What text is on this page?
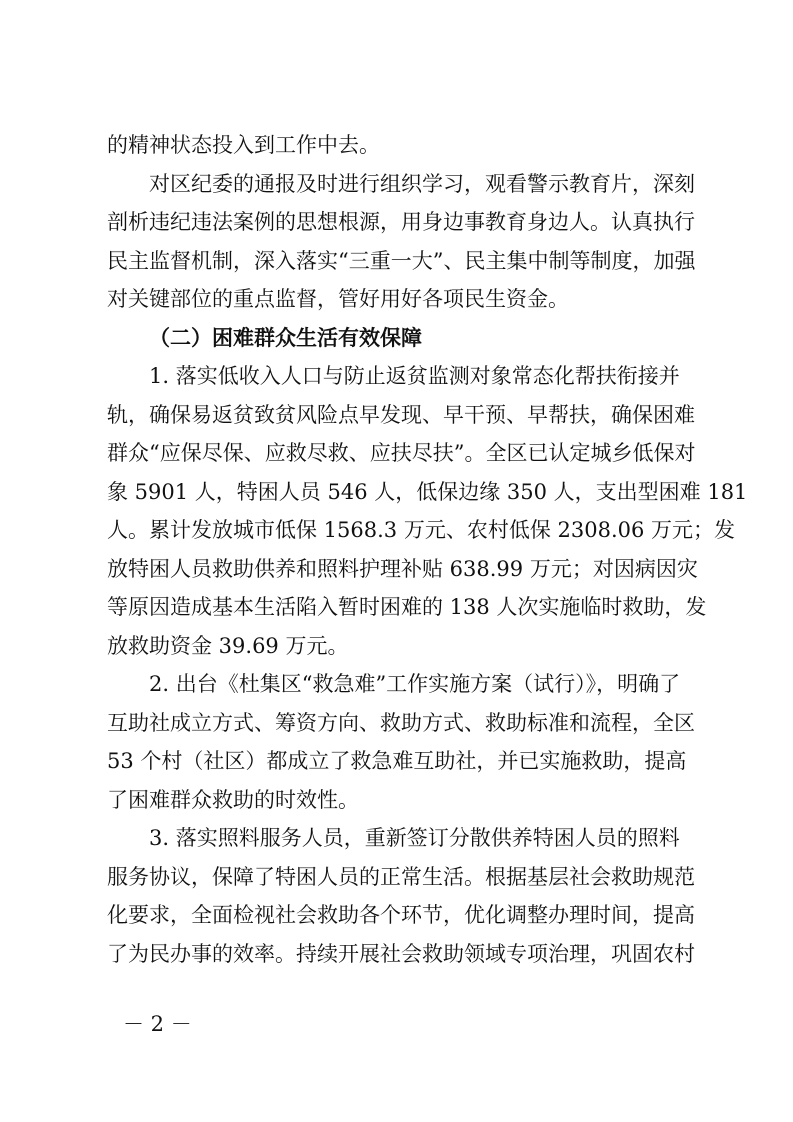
的精神状态投入到工作中去。
对区纪委的通报及时进行组织学习，观看警示教育片，深刻
剖析违纪违法案例的思想根源，用身边事教育身边人。认真执行
民主监督机制，深入落实“三重一大”、民主集中制等制度，加强
对关键部位的重点监督，管好用好各项民生资金。
（二）困难群众生活有效保障
1. 落实低收入人口与防止返贫监测对象常态化帮扶衔接并
轨，确保易返贫致贫风险点早发现、早干预、早帮扶，确保困难
群众“应保尽保、应救尽救、应扶尽扶”。全区已认定城乡低保对
象 5901 人，特困人员 546 人，低保边缘 350 人，支出型困难 181
人。累计发放城市低保 1568.3 万元、农村低保 2308.06 万元；发
放特困人员救助供养和照料护理补贴 638.99 万元；对因病因灾
等原因造成基本生活陷入暂时困难的 138 人次实施临时救助，发
放救助资金 39.69 万元。
2. 出台《杜集区“救急难”工作实施方案（试行）》，明确了
互助社成立方式、筹资方向、救助方式、救助标准和流程，全区
53 个村（社区）都成立了救急难互助社，并已实施救助，提高
了困难群众救助的时效性。
3. 落实照料服务人员，重新签订分散供养特困人员的照料
服务协议，保障了特困人员的正常生活。根据基层社会救助规范
化要求，全面检视社会救助各个环节，优化调整办理时间，提高
了为民办事的效率。持续开展社会救助领域专项治理，巩固农村
－ 2 －
